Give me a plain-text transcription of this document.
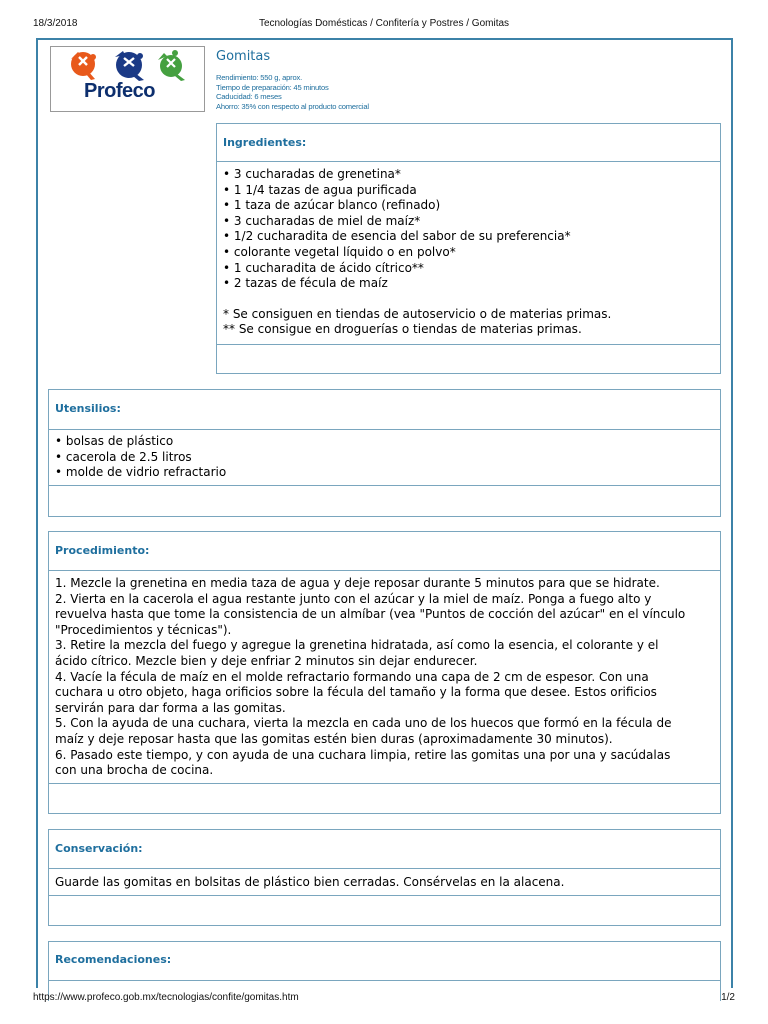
18/3/2018	Tecnologías Domésticas / Confitería y Postres / Gomitas
Profeco
Gomitas
Rendimiento: 550 g, aprox.
Tiempo de preparación: 45 minutos
Caducidad: 6 meses
Ahorro: 35% con respecto al producto comercial
Ingredientes:
• 3 cucharadas de grenetina*
• 1 1/4 tazas de agua purificada
• 1 taza de azúcar blanco (refinado)
• 3 cucharadas de miel de maíz*
• 1/2 cucharadita de esencia del sabor de su preferencia*
• colorante vegetal líquido o en polvo*
• 1 cucharadita de ácido cítrico**
• 2 tazas de fécula de maíz
* Se consiguen en tiendas de autoservicio o de materias primas.
** Se consigue en droguerías o tiendas de materias primas.
Utensilios:
• bolsas de plástico
• cacerola de 2.5 litros
• molde de vidrio refractario
Procedimiento:
1. Mezcle la grenetina en media taza de agua y deje reposar durante 5 minutos para que se hidrate.
2. Vierta en la cacerola el agua restante junto con el azúcar y la miel de maíz. Ponga a fuego alto y
revuelva hasta que tome la consistencia de un almíbar (vea "Puntos de cocción del azúcar" en el vínculo
"Procedimientos y técnicas").
3. Retire la mezcla del fuego y agregue la grenetina hidratada, así como la esencia, el colorante y el
ácido cítrico. Mezcle bien y deje enfriar 2 minutos sin dejar endurecer.
4. Vacíe la fécula de maíz en el molde refractario formando una capa de 2 cm de espesor. Con una
cuchara u otro objeto, haga orificios sobre la fécula del tamaño y la forma que desee. Estos orificios
servirán para dar forma a las gomitas.
5. Con la ayuda de una cuchara, vierta la mezcla en cada uno de los huecos que formó en la fécula de
maíz y deje reposar hasta que las gomitas estén bien duras (aproximadamente 30 minutos).
6. Pasado este tiempo, y con ayuda de una cuchara limpia, retire las gomitas una por una y sacúdalas
con una brocha de cocina.
Conservación:
Guarde las gomitas en bolsitas de plástico bien cerradas. Consérvelas en la alacena.
Recomendaciones:
https://www.profeco.gob.mx/tecnologias/confite/gomitas.htm	1/2
